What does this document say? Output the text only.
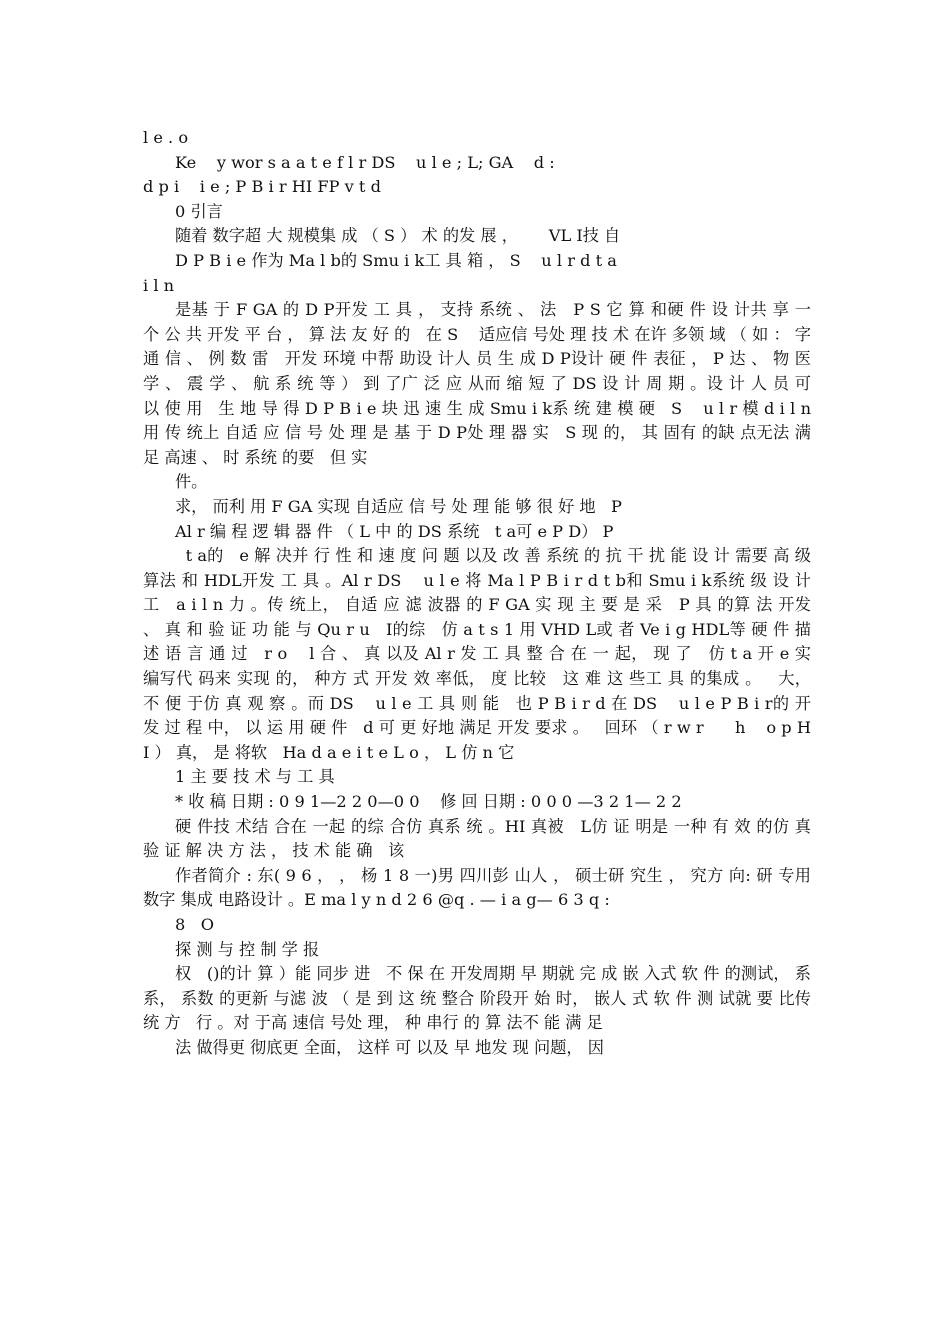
l e . o

Ke    y wor s a a t e f l r DS    u l e ; L; GA    d :

d p i    i e ; P B i r HI FP v t d

0 引言

随着 数字超 大 规模集 成 （ S ） 术 的发 展 ，      VL I技 自

D P B i e 作为 Ma l b的 Smu i k工 具 箱 ， S    u l r d t a

i l n

是基 于 F GA 的 D P开发 工 具 ， 支持 系统 、 法   P S 它 算 和硬 件 设 计共 享 一 个 公 共 开发 平 台 ， 算 法 友 好 的   在 S    适应信 号处 理 技 术 在许 多领 域 （ 如 ： 字通 信 、 例 数 雷   开发 环境 中帮 助设 计人 员 生 成 D P设计 硬 件 表征 ， P 达 、 物 医学 、 震 学 、 航 系 统 等 ） 到 了广 泛 应 从而 缩 短 了 DS 设 计 周 期 。设 计 人 员 可 以 使 用   生 地 导 得 D P B i e 块 迅 速 生 成 Smu i k系 统 建 模 硬   S    u l r 模 d i l n 用 传 统上 自适 应 信 号 处 理 是 基 于 D P处 理 器 实   S 现 的， 其 固有 的缺 点无法 满 足 高速 、 时 系统 的要   但 实

件。

求， 而利 用 F GA 实现 自适应 信 号 处 理 能 够 很 好 地   P

Al r 编 程 逻 辑 器 件 （ L 中 的 DS 系统   t a可 e P D） P

t a的   e 解 决并 行 性 和 速 度 问 题 以及 改 善 系统 的 抗 干 扰 能 设 计 需要 高 级 算法 和 HDL开发 工 具 。Al r DS    u l e 将 Ma l P B i r d t b和 Smu i k系统 级 设 计 工   a i l n 力 。传 统上， 自适 应 滤 波器 的 F GA 实 现 主 要 是 采   P 具 的算 法 开发 、 真 和 验 证 功 能 与 Qu r u   I的综   仿 a t s 1 用 VHD L或 者 Ve i g HDL等 硬 件 描 述 语 言 通 过   r o    l 合 、 真 以及 Al r 发 工 具 整 合 在 一 起， 现 了   仿 t a 开 e 实 编写代 码来 实现 的， 种方 式 开发 效 率低， 度 比较   这 难 这 些工 具 的集成 。   大， 不 便 于仿 真 观 察 。而 DS    u l e 工 具 则 能   也 P B i r d 在 DS    u l e P B i r的 开 发 过 程 中， 以 运 用 硬 件   d 可 更 好地 满足 开发 要求 。   回环 （ r w r      h    o p HI ） 真， 是 将软   Ha d a e i t e L o ， L 仿 n 它

1 主 要 技 术 与 工 具

* 收 稿 日期 : 0 9 1—2 2 0—0 0    修 回 日期 : 0 0 0 —3 2 1— 2 2

硬 件技 术结 合在 一起 的综 合仿 真系 统 。HI 真被   L仿 证 明是 一种 有 效 的仿 真 验 证 解 决 方 法 ， 技 术 能 确   该

作者简介 : 东( 9 6 ， ， 杨 1 8 一)男 四川彭 山人 ， 硕士研 究生 ， 究方 向: 研 专用 数字 集成 电路设计 。E ma l y n d 2 6 @q . — i a g— 6 3 q :

8   O

探 测 与 控 制 学 报

权   ()的计 算 ）能 同步 进   不 保 在 开发周期 早 期就 完 成 嵌 入式 软 件 的测试， 系   系， 系数 的更新 与滤 波 （ 是 到 这 统 整合 阶段开 始 时， 嵌人 式 软 件 测 试就 要 比传 统 方   行 。对 于高 速信 号处 理， 种 串行 的 算 法不 能 满 足

法 做得更 彻底更 全面， 这样 可 以及 早 地发 现 问题， 因
